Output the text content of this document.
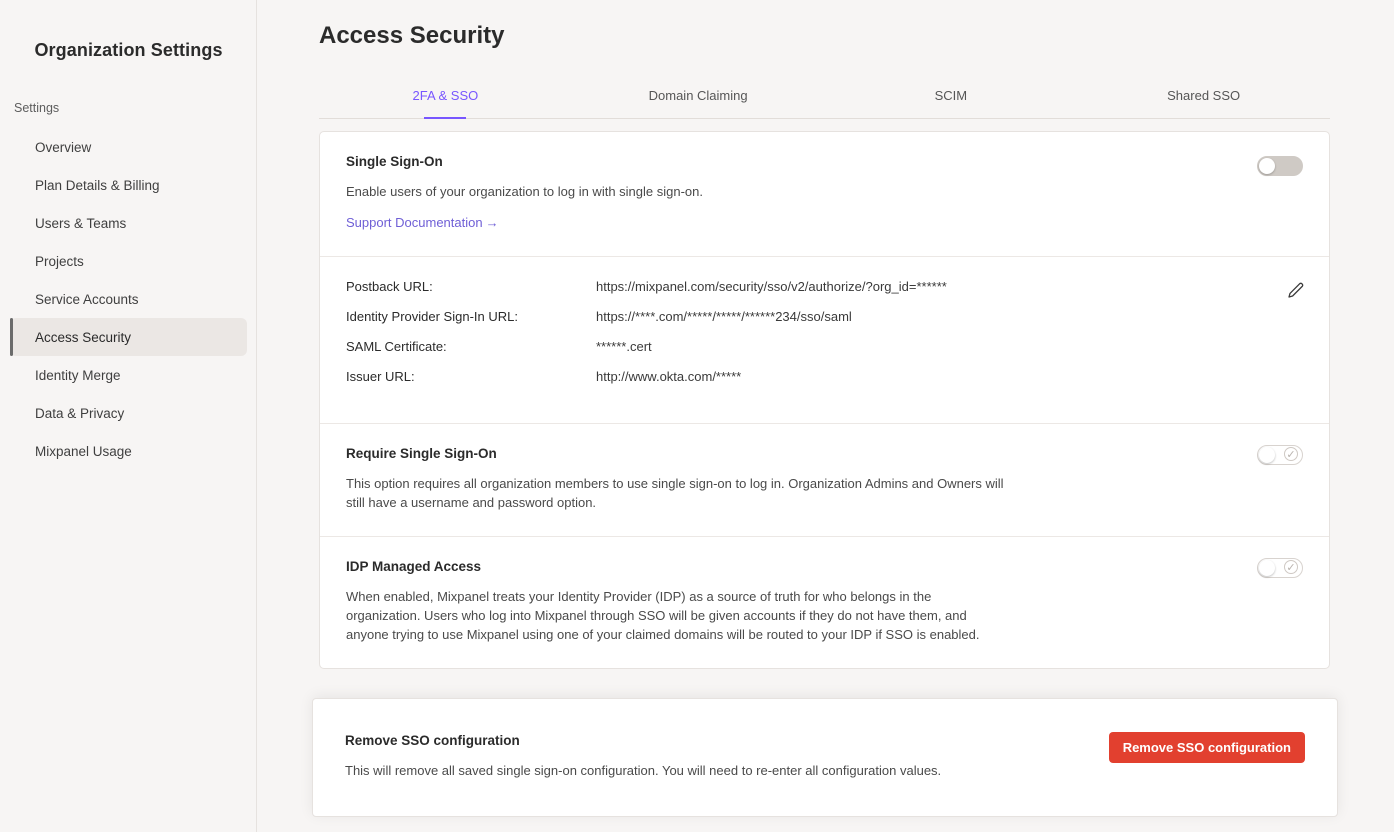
Organization Settings
Settings
Overview
Plan Details & Billing
Users & Teams
Projects
Service Accounts
Access Security
Identity Merge
Data & Privacy
Mixpanel Usage
Access Security
2FA & SSO	Domain Claiming	SCIM	Shared SSO
Single Sign-On
Enable users of your organization to log in with single sign-on.
Support Documentation →
Postback URL:	https://mixpanel.com/security/sso/v2/authorize/?org_id=******
Identity Provider Sign-In URL:	https://****.com/*****/*****/******234/sso/saml
SAML Certificate:	******.cert
Issuer URL:	http://www.okta.com/*****
Require Single Sign-On
This option requires all organization members to use single sign-on to log in. Organization Admins and Owners will still have a username and password option.
✓
IDP Managed Access
When enabled, Mixpanel treats your Identity Provider (IDP) as a source of truth for who belongs in the organization. Users who log into Mixpanel through SSO will be given accounts if they do not have them, and anyone trying to use Mixpanel using one of your claimed domains will be routed to your IDP if SSO is enabled.
✓
Remove SSO configuration
This will remove all saved single sign-on configuration. You will need to re-enter all configuration values.
Remove SSO configuration
